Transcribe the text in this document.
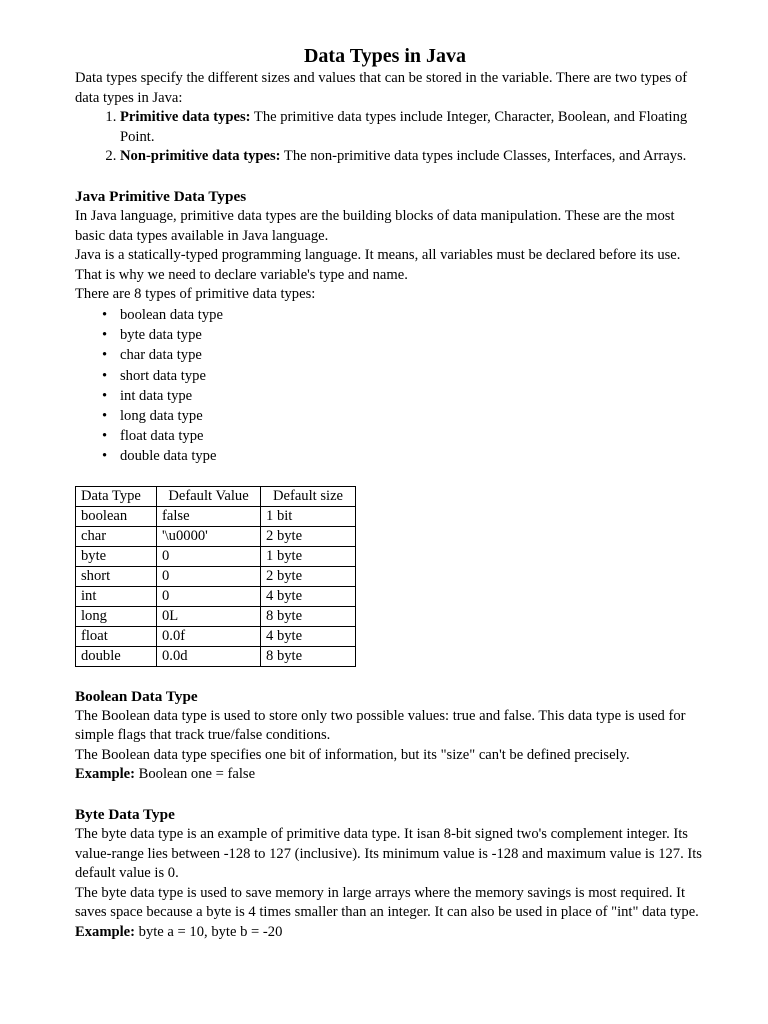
Data Types in Java

Data types specify the different sizes and values that can be stored in the variable. There are two types of data types in Java:

1. Primitive data types: The primitive data types include Integer, Character, Boolean, and Floating Point.
2. Non-primitive data types: The non-primitive data types include Classes, Interfaces, and Arrays.
Java Primitive Data Types

In Java language, primitive data types are the building blocks of data manipulation. These are the most basic data types available in Java language.

Java is a statically-typed programming language. It means, all variables must be declared before its use. That is why we need to declare variable's type and name.

There are 8 types of primitive data types:

• boolean data type
• byte data type
• char data type
• short data type
• int data type
• long data type
• float data type
• double data type
Data Type	Default Value	Default size
boolean	false	1 bit
char	'\u0000'	2 byte
byte	0	1 byte
short	0	2 byte
int	0	4 byte
long	0L	8 byte
float	0.0f	4 byte
double	0.0d	8 byte
Boolean Data Type

The Boolean data type is used to store only two possible values: true and false. This data type is used for simple flags that track true/false conditions.

The Boolean data type specifies one bit of information, but its "size" can't be defined precisely.

Example: Boolean one = false

Byte Data Type

The byte data type is an example of primitive data type. It isan 8-bit signed two's complement integer. Its value-range lies between -128 to 127 (inclusive). Its minimum value is -128 and maximum value is 127. Its default value is 0.

The byte data type is used to save memory in large arrays where the memory savings is most required. It saves space because a byte is 4 times smaller than an integer. It can also be used in place of "int" data type.

Example: byte a = 10, byte b = -20
